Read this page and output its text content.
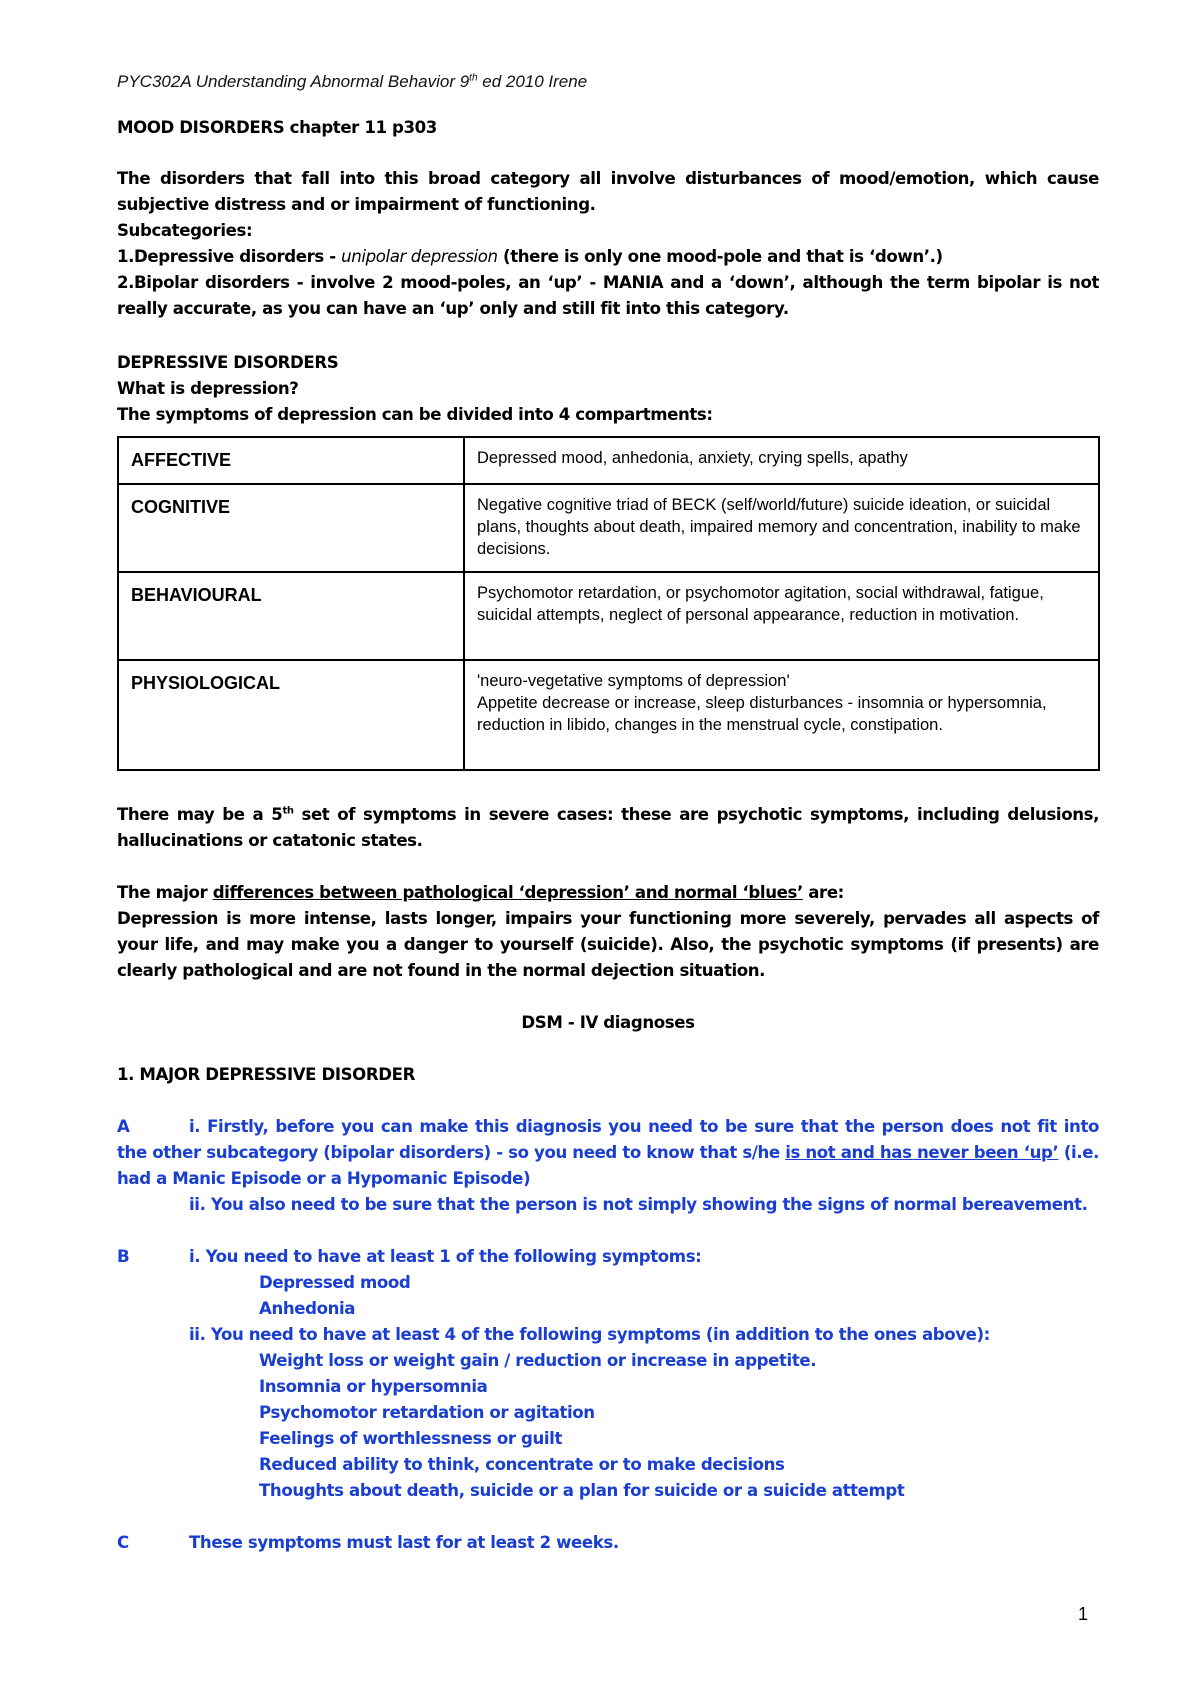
PYC302A Understanding Abnormal Behavior 9th ed 2010 Irene
MOOD DISORDERS chapter 11 p303
The disorders that fall into this broad category all involve disturbances of mood/emotion, which cause subjective distress and or impairment of functioning.
Subcategories:
1.Depressive disorders - unipolar depression (there is only one mood-pole and that is ‘down’.)
2.Bipolar disorders - involve 2 mood-poles, an ‘up’ - MANIA and a ‘down’, although the term bipolar is not really accurate, as you can have an ‘up’ only and still fit into this category.
DEPRESSIVE DISORDERS
What is depression?
The symptoms of depression can be divided into 4 compartments:
AFFECTIVE	Depressed mood, anhedonia, anxiety, crying spells, apathy
COGNITIVE	Negative cognitive triad of BECK (self/world/future) suicide ideation, or suicidal plans, thoughts about death, impaired memory and concentration, inability to make decisions.
BEHAVIOURAL	Psychomotor retardation, or psychomotor agitation, social withdrawal, fatigue, suicidal attempts, neglect of personal appearance, reduction in motivation.
PHYSIOLOGICAL	'neuro-vegetative symptoms of depression'
Appetite decrease or increase, sleep disturbances - insomnia or hypersomnia, reduction in libido, changes in the menstrual cycle, constipation.
There may be a 5th set of symptoms in severe cases: these are psychotic symptoms, including delusions, hallucinations or catatonic states.
The major differences between pathological ‘depression’ and normal ‘blues’ are:
Depression is more intense, lasts longer, impairs your functioning more severely, pervades all aspects of your life, and may make you a danger to yourself (suicide). Also, the psychotic symptoms (if presents) are clearly pathological and are not found in the normal dejection situation.
DSM - IV diagnoses
1. MAJOR DEPRESSIVE DISORDER
A	i. Firstly, before you can make this diagnosis you need to be sure that the person does not fit into the other subcategory (bipolar disorders) - so you need to know that s/he is not and has never been ‘up’ (i.e. had a Manic Episode or a Hypomanic Episode)
ii. You also need to be sure that the person is not simply showing the signs of normal bereavement.
B	i. You need to have at least 1 of the following symptoms:
Depressed mood
Anhedonia
ii. You need to have at least 4 of the following symptoms (in addition to the ones above):
Weight loss or weight gain / reduction or increase in appetite.
Insomnia or hypersomnia
Psychomotor retardation or agitation
Feelings of worthlessness or guilt
Reduced ability to think, concentrate or to make decisions
Thoughts about death, suicide or a plan for suicide or a suicide attempt
C	These symptoms must last for at least 2 weeks.
1
